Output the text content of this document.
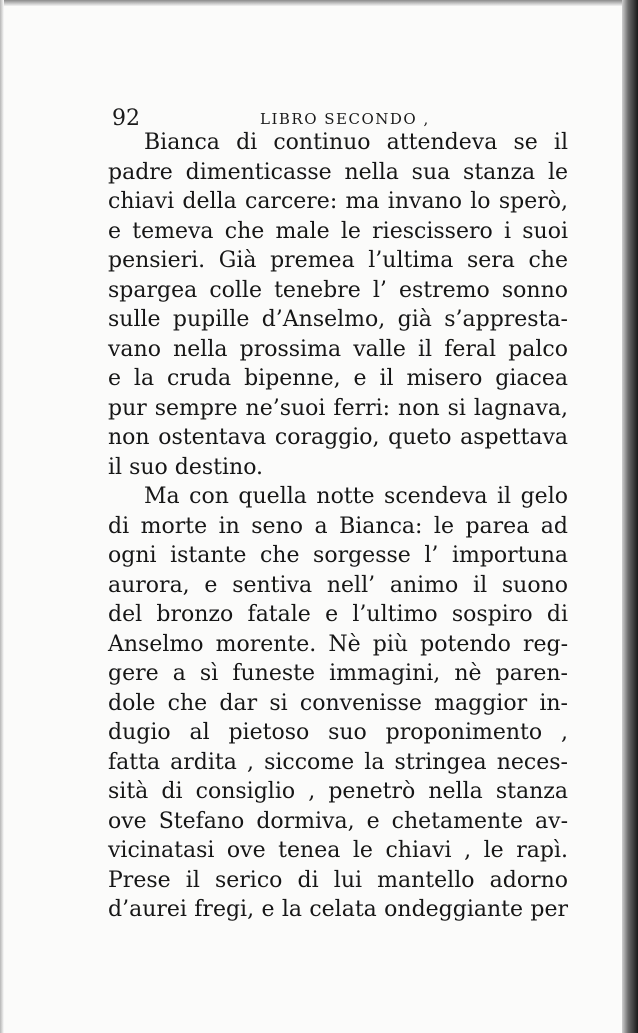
92	LIBRO SECONDO ,
Bianca di continuo attendeva se il
padre dimenticasse nella sua stanza le
chiavi della carcere: ma invano lo sperò,
e temeva che male le riescissero i suoi
pensieri. Già premea l’ultima sera che
spargea colle tenebre l’ estremo sonno
sulle pupille d’Anselmo, già s’appresta-
vano nella prossima valle il feral palco
e la cruda bipenne, e il misero giacea
pur sempre ne’suoi ferri: non si lagnava,
non ostentava coraggio, queto aspettava
il suo destino.
Ma con quella notte scendeva il gelo
di morte in seno a Bianca: le parea ad
ogni istante che sorgesse l’ importuna
aurora, e sentiva nell’ animo il suono
del bronzo fatale e l’ultimo sospiro di
Anselmo morente. Nè più potendo reg-
gere a sì funeste immagini, nè paren-
dole che dar si convenisse maggior in-
dugio al pietoso suo proponimento ,
fatta ardita , siccome la stringea neces-
sità di consiglio , penetrò nella stanza
ove Stefano dormiva, e chetamente av-
vicinatasi ove tenea le chiavi , le rapì.
Prese il serico di lui mantello adorno
d’aurei fregi, e la celata ondeggiante per
